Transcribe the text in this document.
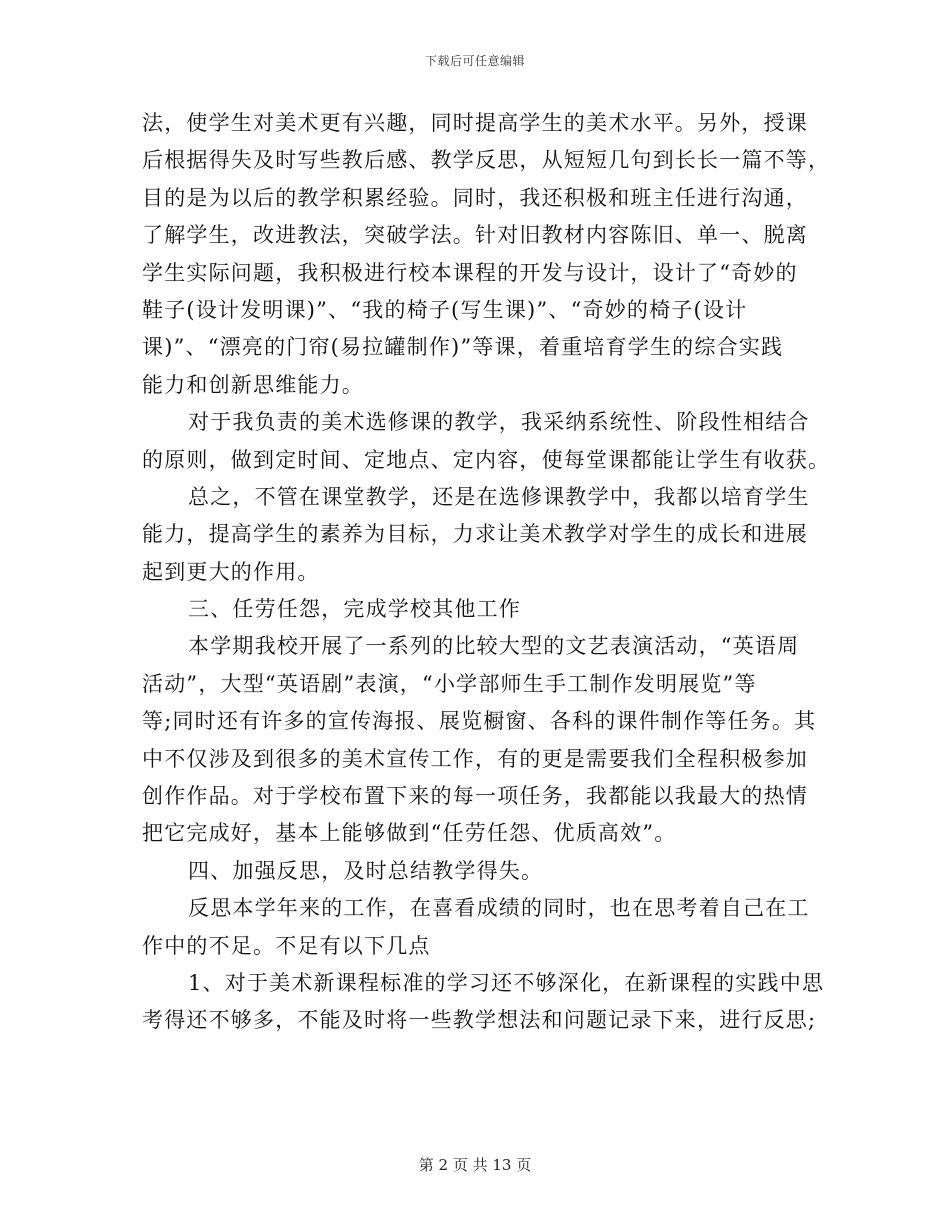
下载后可任意编辑
法，使学生对美术更有兴趣，同时提高学生的美术水平。另外，授课
后根据得失及时写些教后感、教学反思，从短短几句到长长一篇不等，
目的是为以后的教学积累经验。同时，我还积极和班主任进行沟通，
了解学生，改进教法，突破学法。针对旧教材内容陈旧、单一、脱离
学生实际问题，我积极进行校本课程的开发与设计，设计了“奇妙的
鞋子(设计发明课)”、“我的椅子(写生课)”、“奇妙的椅子(设计
课)”、“漂亮的门帘(易拉罐制作)”等课，着重培育学生的综合实践
能力和创新思维能力。
对于我负责的美术选修课的教学，我采纳系统性、阶段性相结合
的原则，做到定时间、定地点、定内容，使每堂课都能让学生有收获。
总之，不管在课堂教学，还是在选修课教学中，我都以培育学生
能力，提高学生的素养为目标，力求让美术教学对学生的成长和进展
起到更大的作用。
三、任劳任怨，完成学校其他工作
本学期我校开展了一系列的比较大型的文艺表演活动，“英语周
活动”，大型“英语剧”表演，“小学部师生手工制作发明展览”等
等;同时还有许多的宣传海报、展览橱窗、各科的课件制作等任务。其
中不仅涉及到很多的美术宣传工作，有的更是需要我们全程积极参加
创作作品。对于学校布置下来的每一项任务，我都能以我最大的热情
把它完成好，基本上能够做到“任劳任怨、优质高效”。
四、加强反思，及时总结教学得失。
反思本学年来的工作，在喜看成绩的同时，也在思考着自己在工
作中的不足。不足有以下几点
1、对于美术新课程标准的学习还不够深化，在新课程的实践中思
考得还不够多，不能及时将一些教学想法和问题记录下来，进行反思;
第 2 页 共 13 页
